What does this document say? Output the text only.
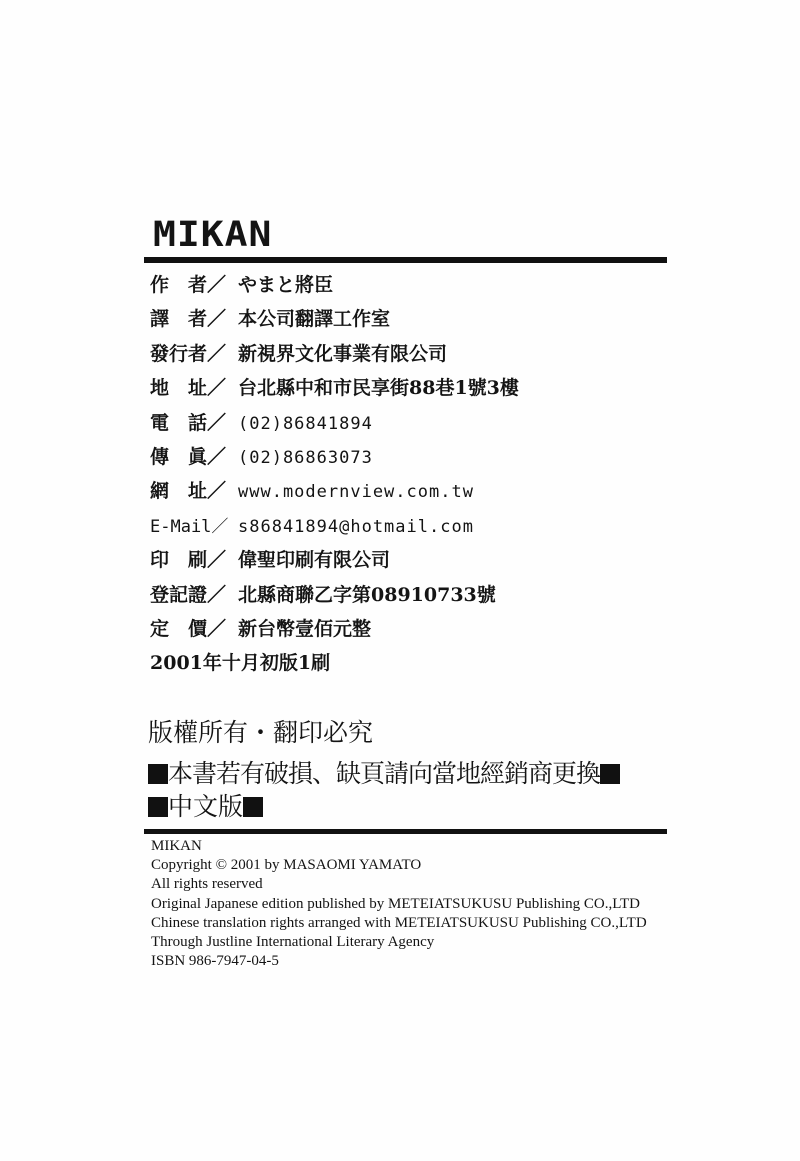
MIKAN
作　者／ やまと將臣
譯　者／ 本公司翻譯工作室
發行者／ 新視界文化事業有限公司
地　址／ 台北縣中和市民享街88巷1號3樓
電　話／ (02)86841894
傳　眞／ (02)86863073
網　址／ www.modernview.com.tw
E-Mail／ s86841894@hotmail.com
印　刷／ 偉聖印刷有限公司
登記證／ 北縣商聯乙字第08910733號
定　價／ 新台幣壹佰元整
2001年十月初版1刷
版權所有・翻印必究
本書若有破損、缺頁請向當地經銷商更換
中文版
MIKAN
Copyright © 2001 by MASAOMI YAMATO
All rights reserved
Original Japanese edition published by METEIATSUKUSU Publishing CO.,LTD
Chinese translation rights arranged with METEIATSUKUSU Publishing CO.,LTD
Through Justline International Literary Agency
ISBN 986-7947-04-5
